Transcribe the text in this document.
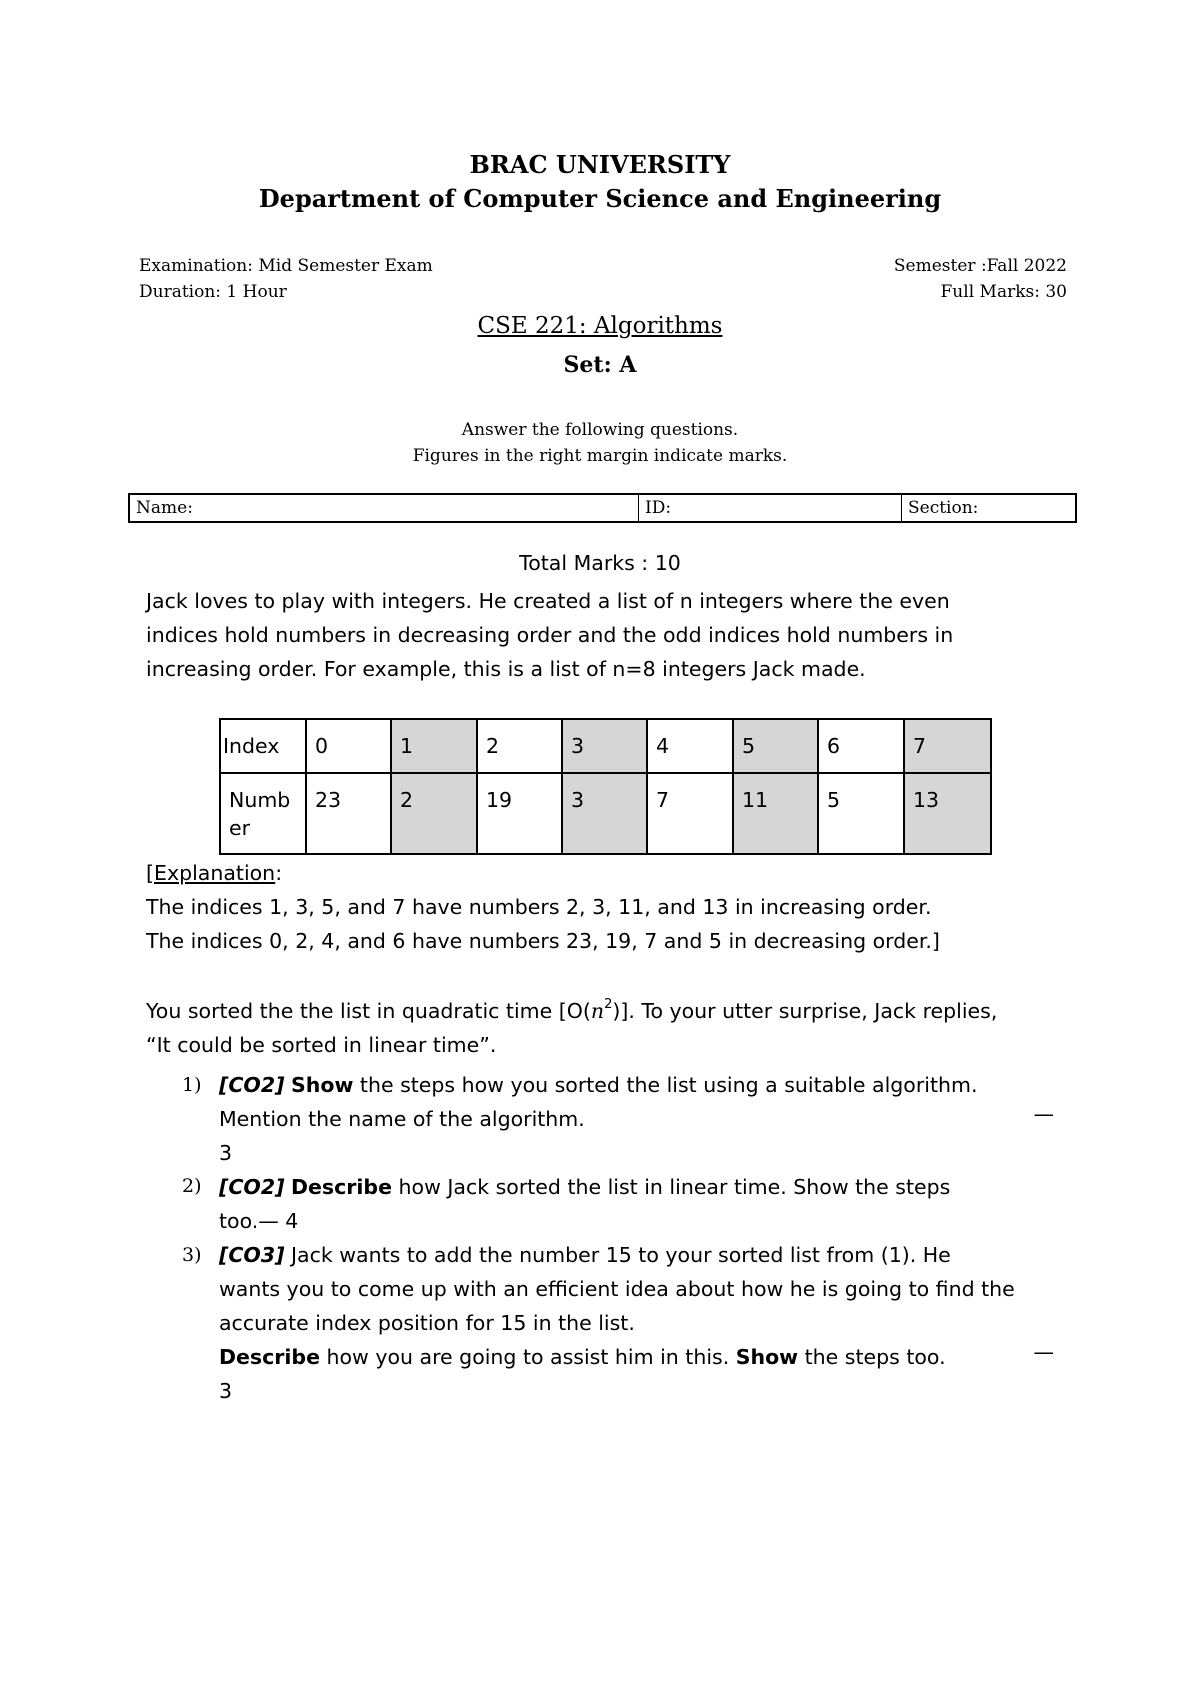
BRAC UNIVERSITY
Department of Computer Science and Engineering
Examination: Mid Semester Exam	Semester :Fall 2022
Duration: 1 Hour	Full Marks: 30
CSE 221: Algorithms
Set: A
Answer the following questions.
Figures in the right margin indicate marks.
Name:	ID:	Section:
Total Marks : 10
Jack loves to play with integers. He created a list of n integers where the even
indices hold numbers in decreasing order and the odd indices hold numbers in
increasing order. For example, this is a list of n=8 integers Jack made.
Index	0	1	2	3	4	5	6	7
Numb
er	23	2	19	3	7	11	5	13
[Explanation:
The indices 1, 3, 5, and 7 have numbers 2, 3, 11, and 13 in increasing order.
The indices 0, 2, 4, and 6 have numbers 23, 19, 7 and 5 in decreasing order.]
You sorted the the list in quadratic time $[O(n^2)]$. To your utter surprise, Jack replies,
“It could be sorted in linear time”.
1) [CO2] Show the steps how you sorted the list using a suitable algorithm.
Mention the name of the algorithm.
3
—
2) [CO2] Describe how Jack sorted the list in linear time. Show the steps
too.— 4
3) [CO3] Jack wants to add the number 15 to your sorted list from (1). He
wants you to come up with an efficient idea about how he is going to find the
accurate index position for 15 in the list.
Describe how you are going to assist him in this. Show the steps too.
3
—
